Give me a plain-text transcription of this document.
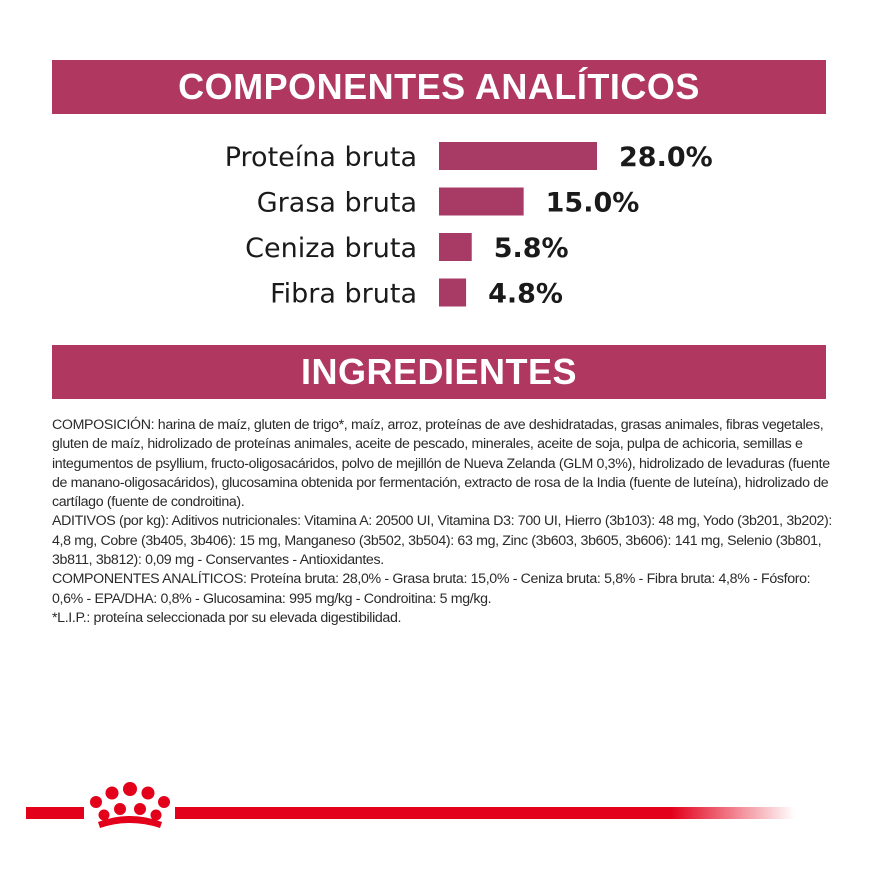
COMPONENTES ANALÍTICOS
Proteína bruta	28.0%
Grasa bruta	15.0%
Ceniza bruta	5.8%
Fibra bruta	4.8%
INGREDIENTES

COMPOSICIÓN: harina de maíz, gluten de trigo*, maíz, arroz, proteínas de ave deshidratadas, grasas animales, fibras vegetales, gluten de maíz, hidrolizado de proteínas animales, aceite de pescado, minerales, aceite de soja, pulpa de achicoria, semillas e integumentos de psyllium, fructo-oligosacáridos, polvo de mejillón de Nueva Zelanda (GLM 0,3%), hidrolizado de levaduras (fuente de manano-oligosacáridos), glucosamina obtenida por fermentación, extracto de rosa de la India (fuente de luteína), hidrolizado de cartílago (fuente de condroitina).

ADITIVOS (por kg): Aditivos nutricionales: Vitamina A: 20500 UI, Vitamina D3: 700 UI, Hierro (3b103): 48 mg, Yodo (3b201, 3b202): 4,8 mg, Cobre (3b405, 3b406): 15 mg, Manganeso (3b502, 3b504): 63 mg, Zinc (3b603, 3b605, 3b606): 141 mg, Selenio (3b801, 3b811, 3b812): 0,09 mg - Conservantes - Antioxidantes.

COMPONENTES ANALÍTICOS: Proteína bruta: 28,0% - Grasa bruta: 15,0% - Ceniza bruta: 5,8% - Fibra bruta: 4,8% - Fósforo: 0,6% - EPA/DHA: 0,8% - Glucosamina: 995 mg/kg - Condroitina: 5 mg/kg.

*L.I.P.: proteína seleccionada por su elevada digestibilidad.
